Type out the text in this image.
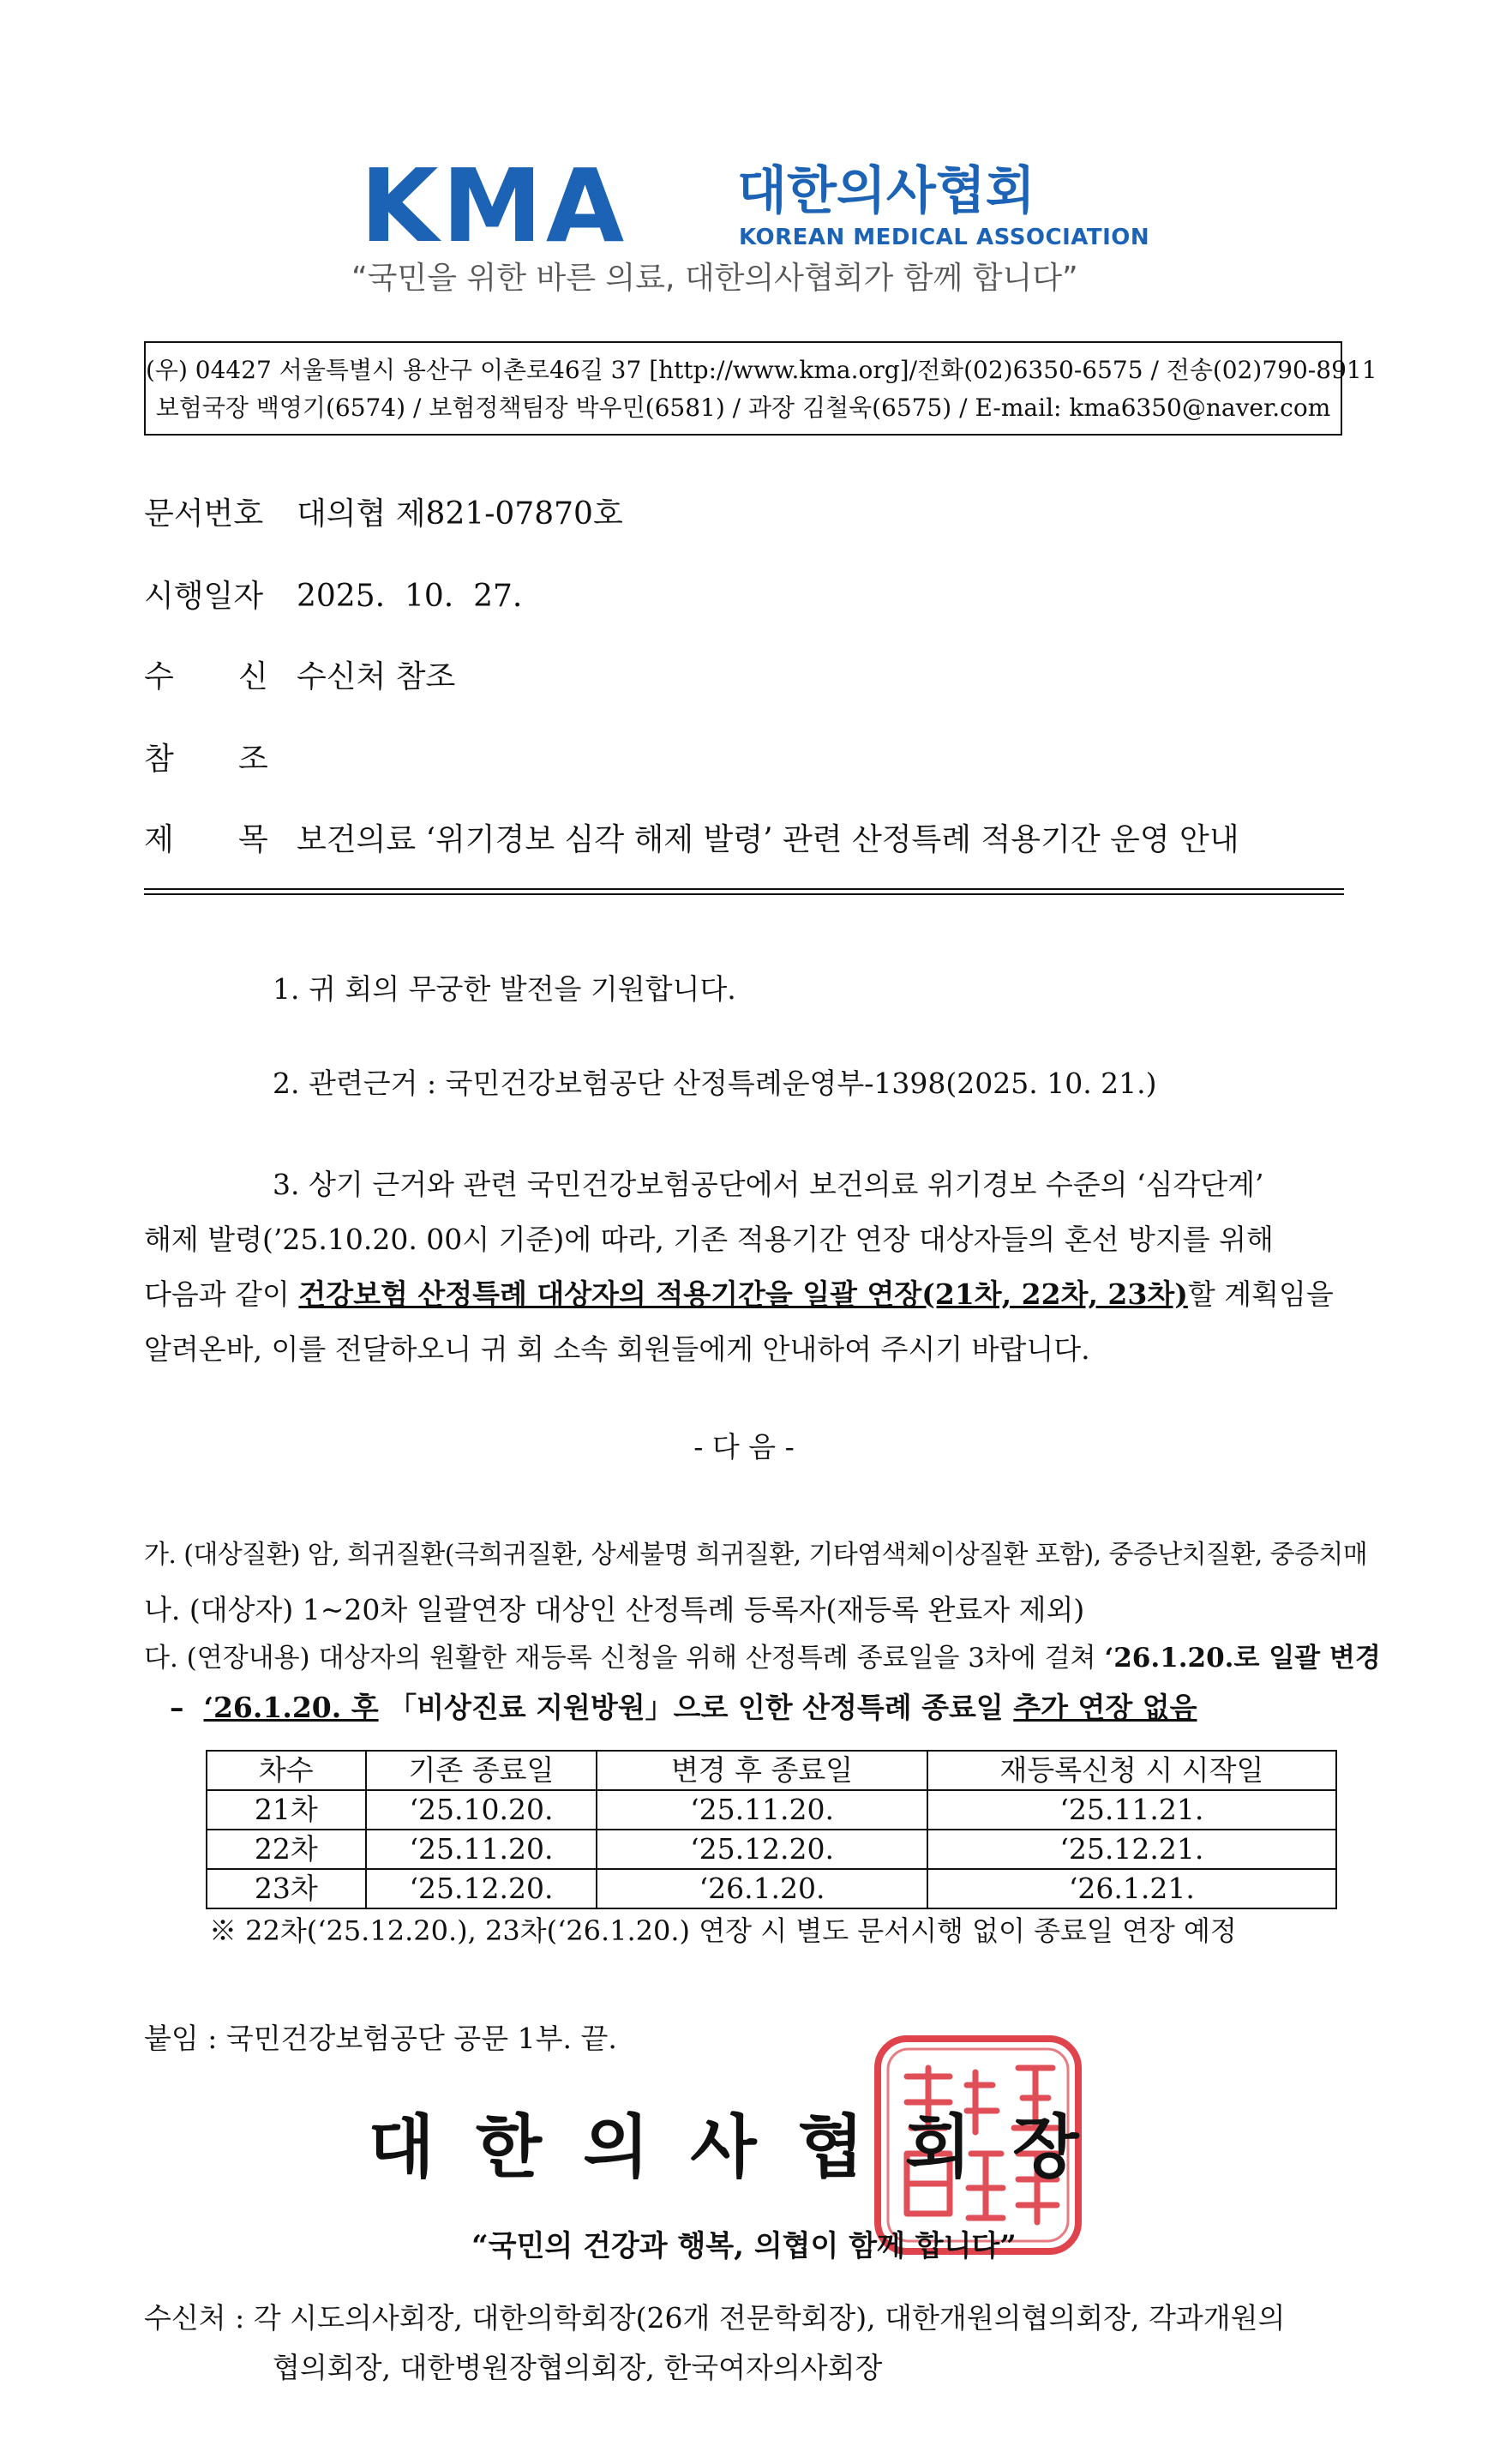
KMA 대한의사협회
KOREAN MEDICAL ASSOCIATION
“국민을 위한 바른 의료, 대한의사협회가 함께 합니다”
(우) 04427 서울특별시 용산구 이촌로46길 37 [http://www.kma.org]/전화(02)6350-6575 / 전송(02)790-8911
보험국장 백영기(6574) / 보험정책팀장 박우민(6581) / 과장 김철욱(6575) / E-mail: kma6350@naver.com
문서번호 대의협 제821-07870호
시행일자 2025.  10.  27.
수 신 수신처 참조
참 조
제 목 보건의료 ‘위기경보 심각 해제 발령’ 관련 산정특례 적용기간 운영 안내
1. 귀 회의 무궁한 발전을 기원합니다.
2. 관련근거 : 국민건강보험공단 산정특례운영부-1398(2025. 10. 21.)
3. 상기 근거와 관련 국민건강보험공단에서 보건의료 위기경보 수준의 ‘심각단계’
해제 발령(’25.10.20. 00시 기준)에 따라, 기존 적용기간 연장 대상자들의 혼선 방지를 위해
다음과 같이 건강보험 산정특례 대상자의 적용기간을 일괄 연장(21차, 22차, 23차)할 계획임을
알려온바, 이를 전달하오니 귀 회 소속 회원들에게 안내하여 주시기 바랍니다.
- 다 음 -
가. (대상질환) 암, 희귀질환(극희귀질환, 상세불명 희귀질환, 기타염색체이상질환 포함), 중증난치질환, 중증치매
나. (대상자) 1~20차 일괄연장 대상인 산정특례 등록자(재등록 완료자 제외)
다. (연장내용) 대상자의 원활한 재등록 신청을 위해 산정특례 종료일을 3차에 걸쳐 ‘26.1.20.로 일괄 변경
–  ‘26.1.20. 후 「비상진료 지원방원」으로 인한 산정특례 종료일 추가 연장 없음
차수	기존 종료일	변경 후 종료일	재등록신청 시 시작일
21차	‘25.10.20.	‘25.11.20.	‘25.11.21.
22차	‘25.11.20.	‘25.12.20.	‘25.12.21.
23차	‘25.12.20.	‘26.1.20.	‘26.1.21.
※ 22차(‘25.12.20.), 23차(‘26.1.20.) 연장 시 별도 문서시행 없이 종료일 연장 예정
붙임 : 국민건강보험공단 공문 1부. 끝.
대한의사협회장
“국민의 건강과 행복, 의협이 함께 합니다”
수신처 : 각 시도의사회장, 대한의학회장(26개 전문학회장), 대한개원의협의회장, 각과개원의
협의회장, 대한병원장협의회장, 한국여자의사회장
